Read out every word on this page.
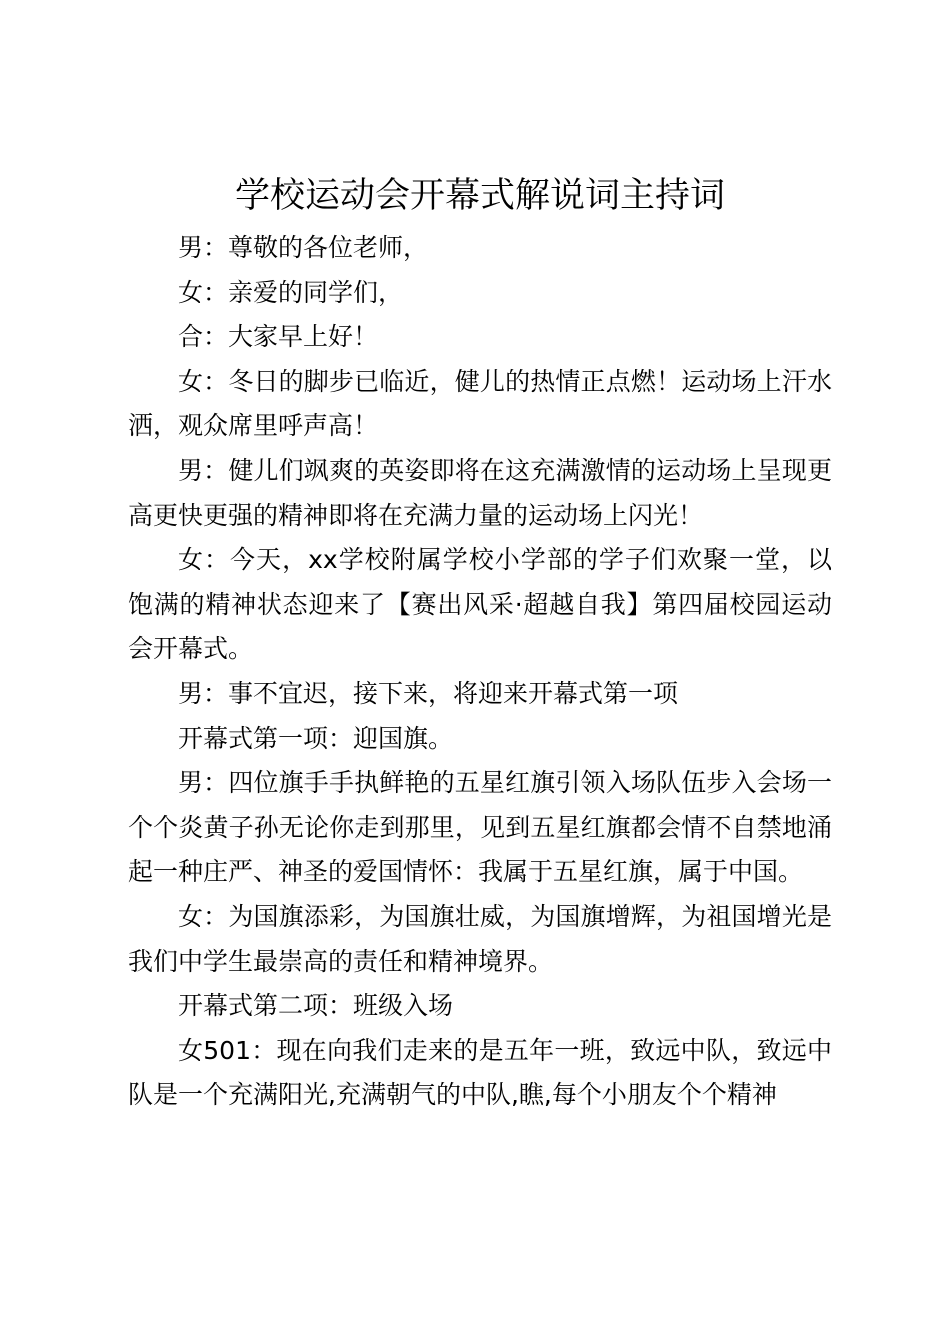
学校运动会开幕式解说词主持词

男：尊敬的各位老师，

女：亲爱的同学们，

合：大家早上好！

女：冬日的脚步已临近，健儿的热情正点燃！运动场上汗水洒，观众席里呼声高！

男：健儿们飒爽的英姿即将在这充满激情的运动场上呈现更高更快更强的精神即将在充满力量的运动场上闪光！

女：今天，xx学校附属学校小学部的学子们欢聚一堂，以饱满的精神状态迎来了【赛出风采·超越自我】第四届校园运动会开幕式。

男：事不宜迟，接下来，将迎来开幕式第一项

开幕式第一项：迎国旗。

男：四位旗手手执鲜艳的五星红旗引领入场队伍步入会场一个个炎黄子孙无论你走到那里，见到五星红旗都会情不自禁地涌起一种庄严、神圣的爱国情怀：我属于五星红旗，属于中国。

女：为国旗添彩，为国旗壮威，为国旗增辉，为祖国增光是我们中学生最崇高的责任和精神境界。

开幕式第二项：班级入场

女501：现在向我们走来的是五年一班，致远中队，致远中队是一个充满阳光,充满朝气的中队,瞧,每个小朋友个个精神
